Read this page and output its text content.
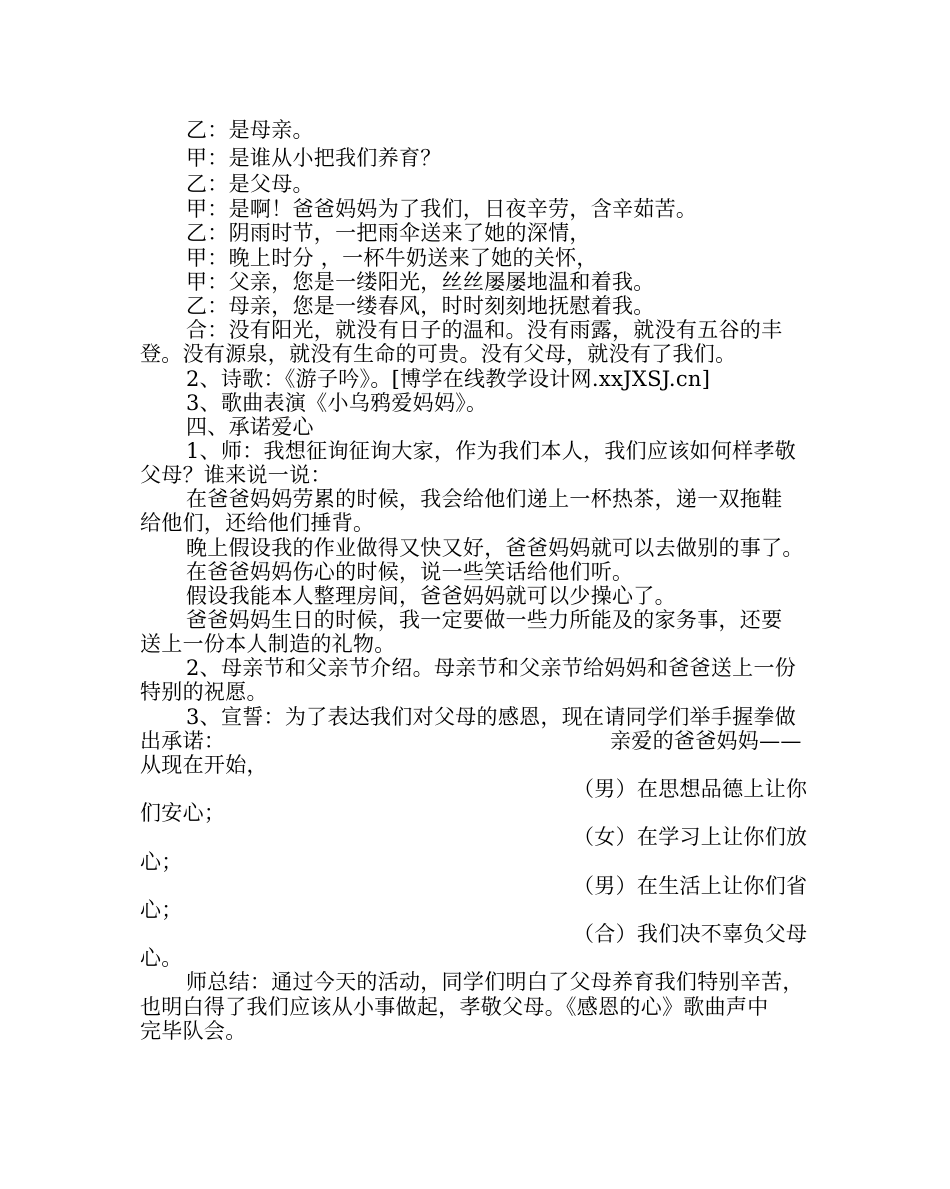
乙：是母亲。
甲：是谁从小把我们养育？
乙：是父母。
甲：是啊！爸爸妈妈为了我们，日夜辛劳，含辛茹苦。
乙：阴雨时节，一把雨伞送来了她的深情，
甲：晚上时分 ，一杯牛奶送来了她的关怀，
甲：父亲，您是一缕阳光，丝丝屡屡地温和着我。
乙：母亲，您是一缕春风，时时刻刻地抚慰着我。
合：没有阳光，就没有日子的温和。没有雨露，就没有五谷的丰
登。没有源泉，就没有生命的可贵。没有父母，就没有了我们。
2、诗歌：《游子吟》。[博学在线教学设计网.xxJXSJ.cn]
3、歌曲表演《小乌鸦爱妈妈》。
四、承诺爱心
1、师：我想征询征询大家，作为我们本人，我们应该如何样孝敬
父母？谁来说一说：
在爸爸妈妈劳累的时候，我会给他们递上一杯热茶，递一双拖鞋
给他们，还给他们捶背。
晚上假设我的作业做得又快又好，爸爸妈妈就可以去做别的事了。
在爸爸妈妈伤心的时候，说一些笑话给他们听。
假设我能本人整理房间，爸爸妈妈就可以少操心了。
爸爸妈妈生日的时候，我一定要做一些力所能及的家务事，还要
送上一份本人制造的礼物。
2、母亲节和父亲节介绍。母亲节和父亲节给妈妈和爸爸送上一份
特别的祝愿。
3、宣誓：为了表达我们对父母的感恩，现在请同学们举手握拳做
出承诺：	亲爱的爸爸妈妈——
从现在开始，
（男）在思想品德上让你
们安心；
（女）在学习上让你们放
心；
（男）在生活上让你们省
心；
（合）我们决不辜负父母
心。
师总结：通过今天的活动，同学们明白了父母养育我们特别辛苦，
也明白得了我们应该从小事做起，孝敬父母。《感恩的心》歌曲声中
完毕队会。
